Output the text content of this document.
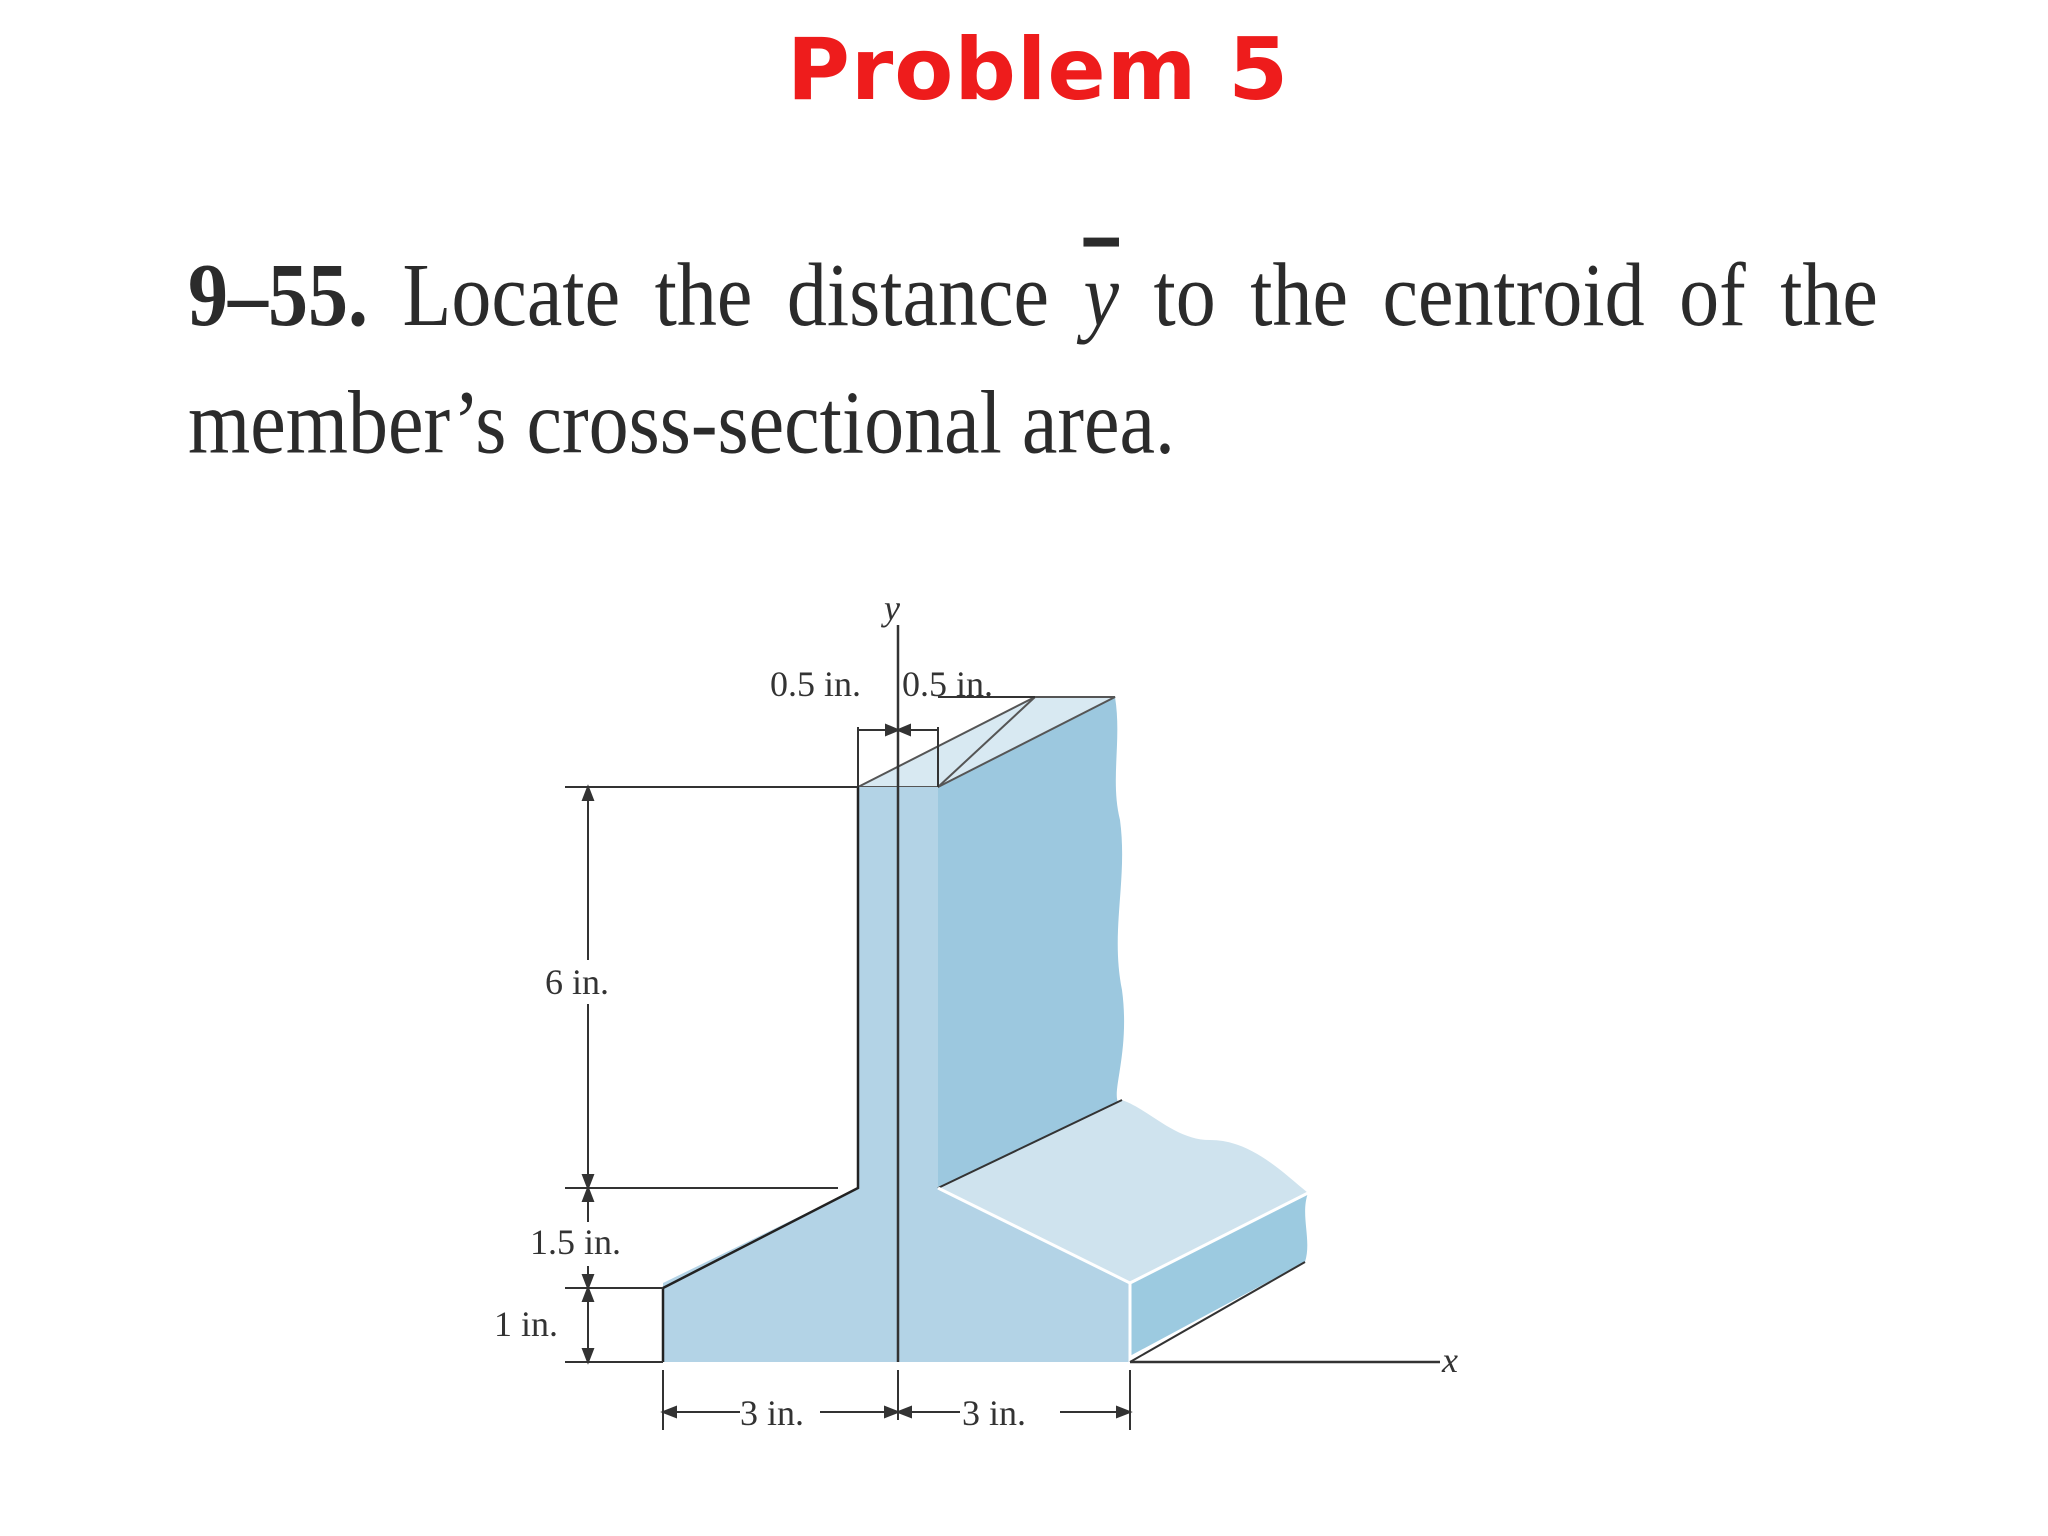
Problem 5
9–55. Locate the distance $\overline{y}$ to the centroid of the
member’s cross-sectional area.
y
x
0.5 in. 0.5 in.
6 in.
1.5 in.
1 in.
3 in.	3 in.
